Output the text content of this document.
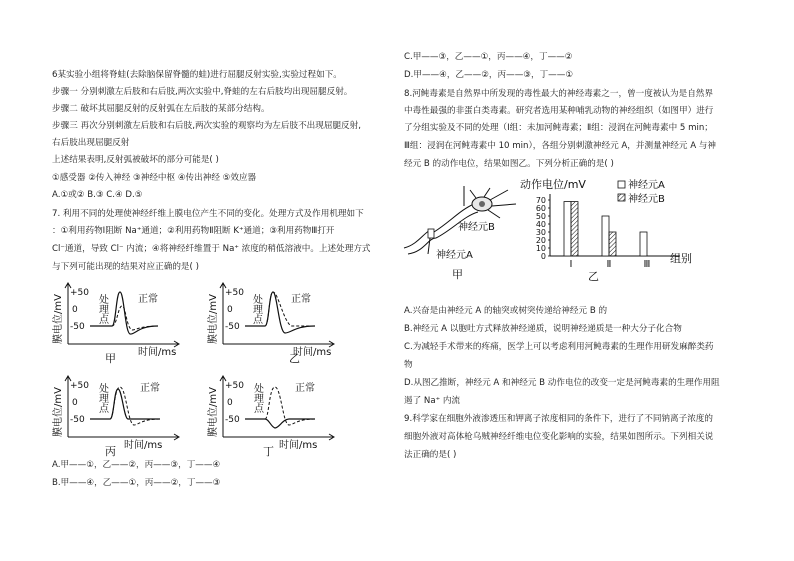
6某实验小组将脊蛙(去除脑保留脊髓的蛙)进行屈腿反射实验,实验过程如下。
步骤一 分别刺激左后肢和右后肢,两次实验中,脊蛙的左右后肢均出现屈腿反射。
步骤二 破坏其屈腿反射的反射弧在左后肢的某部分结构。
步骤三 再次分别刺激左后肢和右后肢,两次实验的观察均为左后肢不出现屈腿反射,
右后肢出现屈腿反射
上述结果表明,反射弧被破坏的部分可能是( )
①感受器 ②传入神经 ③神经中枢 ④传出神经 ⑤效应器
A.①或② B.③ C.④ D.⑤
7. 利用不同的处理使神经纤维上膜电位产生不同的变化。处理方式及作用机理如下
：①利用药物Ⅰ阻断 Na⁺通道；②利用药物Ⅱ阻断 K⁺通道；③利用药物Ⅲ打开
Cl⁻通道，导致 Cl⁻ 内流；④将神经纤维置于 Na⁺ 浓度的稍低溶液中。上述处理方式
与下列可能出现的结果对应正确的是( )
膜电位/mV
+50
0
-50
处理点	正常
时间/ms
甲
膜电位/mV
+50
0
-50
处理点	正常
时间/ms
乙
膜电位/mV
+50
0
-50
处理点	正常
时间/ms
丙
膜电位/mV
+50
0
-50
处理点	正常
时间/ms
丁
A.甲——①，乙——②，丙——③，丁——④
B.甲——④，乙——①，丙——②，丁——③
C.甲——③，乙——①，丙——④，丁——②
D.甲——④，乙——②，丙——③，丁——①
8.河鲀毒素是自然界中所发现的毒性最大的神经毒素之一，曾一度被认为是自然界
中毒性最强的非蛋白类毒素。研究者选用某种哺乳动物的神经组织（如图甲）进行
了分组实验及不同的处理（Ⅰ组：未加河鲀毒素；Ⅱ组：浸润在河鲀毒素中 5 min；
Ⅲ组：浸润在河鲀毒素中 10 min），各组分别刺激神经元 A，并测量神经元 A 与神
经元 B 的动作电位，结果如图乙。下列分析正确的是( )
神经元B
神经元A
甲
动作电位/mV	神经元A
神经元B
0
10
20
30
40
50
60
70
Ⅰ	Ⅱ	Ⅲ 组别
乙
A.兴奋是由神经元 A 的轴突或树突传递给神经元 B 的
B.神经元 A 以胞吐方式释放神经递质，说明神经递质是一种大分子化合物
C.为减轻手术带来的疼痛，医学上可以考虑利用河鲀毒素的生理作用研发麻醉类药
物
D.从图乙推断，神经元 A 和神经元 B 动作电位的改变一定是河鲀毒素的生理作用阻
遏了 Na⁺ 内流
9.科学家在细胞外液渗透压和钾离子浓度相同的条件下，进行了不同钠离子浓度的
细胞外液对高体枪乌贼神经纤维电位变化影响的实验，结果如图所示。下列相关说
法正确的是( )
